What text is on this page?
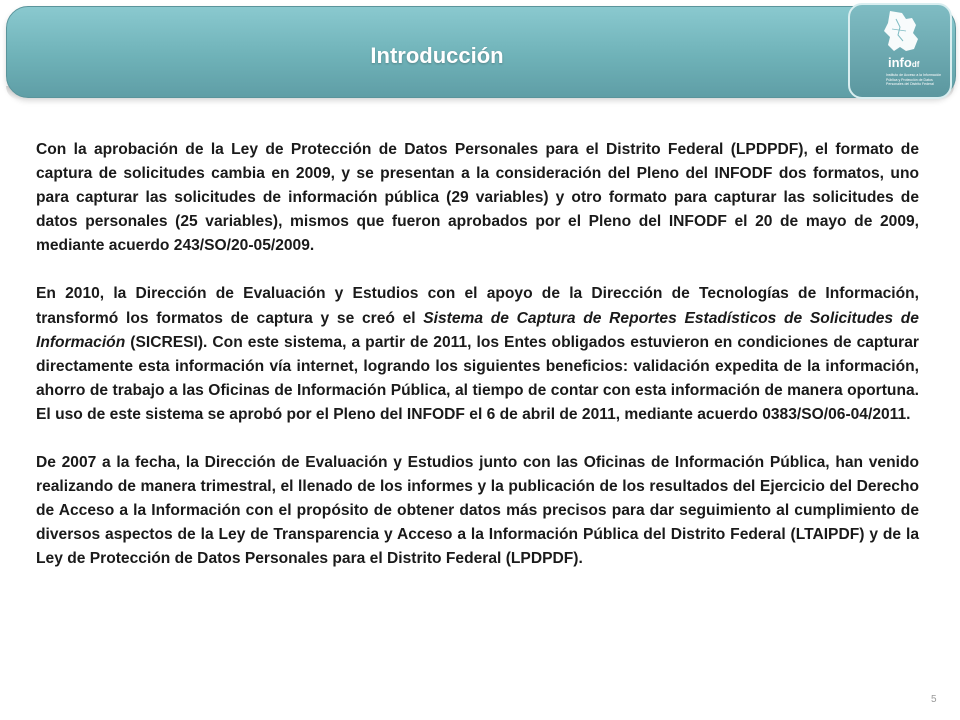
Introducción	infodf
Instituto de Acceso a la Información Pública y Protección de Datos Personales del Distrito Federal

Con la aprobación de la Ley de Protección de Datos Personales para el Distrito Federal (LPDPDF), el formato de captura de solicitudes cambia en 2009, y se presentan a la consideración del Pleno del INFODF dos formatos, uno para capturar las solicitudes de información pública (29 variables) y otro formato para capturar las solicitudes de datos personales (25 variables), mismos que fueron aprobados por el Pleno del INFODF el 20 de mayo de 2009, mediante acuerdo 243/SO/20-05/2009.

En 2010, la Dirección de Evaluación y Estudios con el apoyo de la Dirección de Tecnologías de Información, transformó los formatos de captura y se creó el Sistema de Captura de Reportes Estadísticos de Solicitudes de Información (SICRESI). Con este sistema, a partir de 2011, los Entes obligados estuvieron en condiciones de capturar directamente esta información vía internet, logrando los siguientes beneficios: validación expedita de la información, ahorro de trabajo a las Oficinas de Información Pública, al tiempo de contar con esta información de manera oportuna. El uso de este sistema se aprobó por el Pleno del INFODF el 6 de abril de 2011, mediante acuerdo 0383/SO/06-04/2011.

De 2007 a la fecha, la Dirección de Evaluación y Estudios junto con las Oficinas de Información Pública, han venido realizando de manera trimestral, el llenado de los informes y la publicación de los resultados del Ejercicio del Derecho de Acceso a la Información con el propósito de obtener datos más precisos para dar seguimiento al cumplimiento de diversos aspectos de la Ley de Transparencia y Acceso a la Información Pública del Distrito Federal (LTAIPDF) y de la Ley de Protección de Datos Personales para el Distrito Federal (LPDPDF).

5
